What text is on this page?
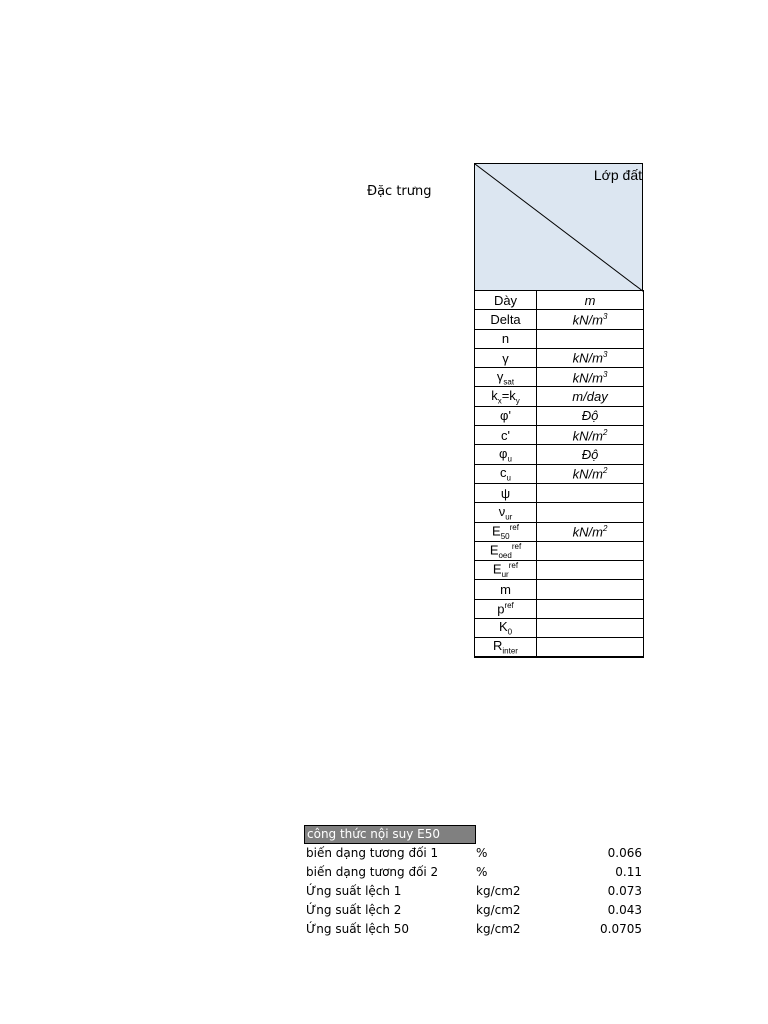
Đặc trưng
Lớp đất
Dày	m
Delta	$kN/m^3$
n	
γ	$kN/m^3$
$\gamma_{sat}$	$kN/m^3$
$k_x=k_y$	m/day
φ'	Độ
c'	$kN/m^2$
$\varphi_u$	Độ
$c_u$	$kN/m^2$
ψ	
$\nu_{ur}$	
$E_{50}^{ref}$	$kN/m^2$
$E_{oed}^{ref}$	
$E_{ur}^{ref}$	
m	
$p^{ref}$	
$K_0$	
$R_{inter}$	
công thức nội suy E50
biến dạng tương đối 1	%	0.066
biến dạng tương đối 2	%	0.11
Ứng suất lệch 1	kg/cm2	0.073
Ứng suất lệch 2	kg/cm2	0.043
Ứng suất lệch 50	kg/cm2	0.0705
